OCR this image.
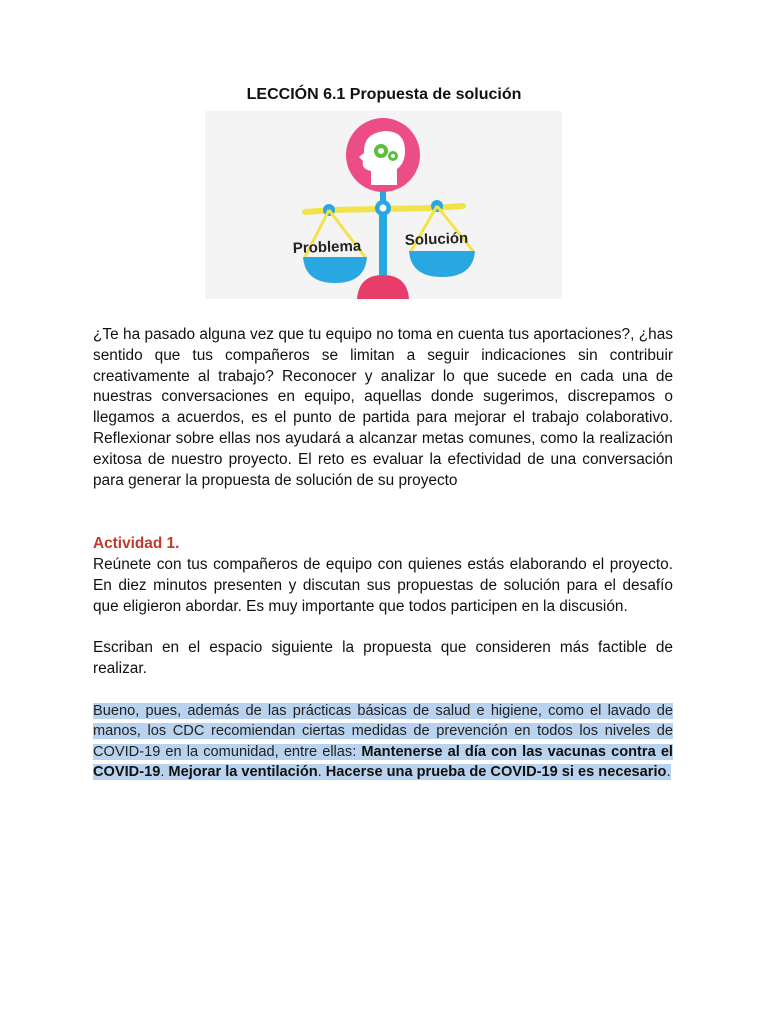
LECCIÓN 6.1 Propuesta de solución
Problema	Solución
¿Te ha pasado alguna vez que tu equipo no toma en cuenta tus aportaciones?, ¿has sentido que tus compañeros se limitan a seguir indicaciones sin contribuir creativamente al trabajo? Reconocer y analizar lo que sucede en cada una de nuestras conversaciones en equipo, aquellas donde sugerimos, discrepamos o llegamos a acuerdos, es el punto de partida para mejorar el trabajo colaborativo. Reflexionar sobre ellas nos ayudará a alcanzar metas comunes, como la realización exitosa de nuestro proyecto. El reto es evaluar la efectividad de una conversación para generar la propuesta de solución de su proyecto
Actividad 1.
Reúnete con tus compañeros de equipo con quienes estás elaborando el proyecto. En diez minutos presenten y discutan sus propuestas de solución para el desafío que eligieron abordar. Es muy importante que todos participen en la discusión.
Escriban en el espacio siguiente la propuesta que consideren más factible de realizar.
Bueno, pues, además de las prácticas básicas de salud e higiene, como el lavado de manos, los CDC recomiendan ciertas medidas de prevención en todos los niveles de COVID-19 en la comunidad, entre ellas: Mantenerse al día con las vacunas contra el COVID-19. Mejorar la ventilación. Hacerse una prueba de COVID-19 si es necesario.
